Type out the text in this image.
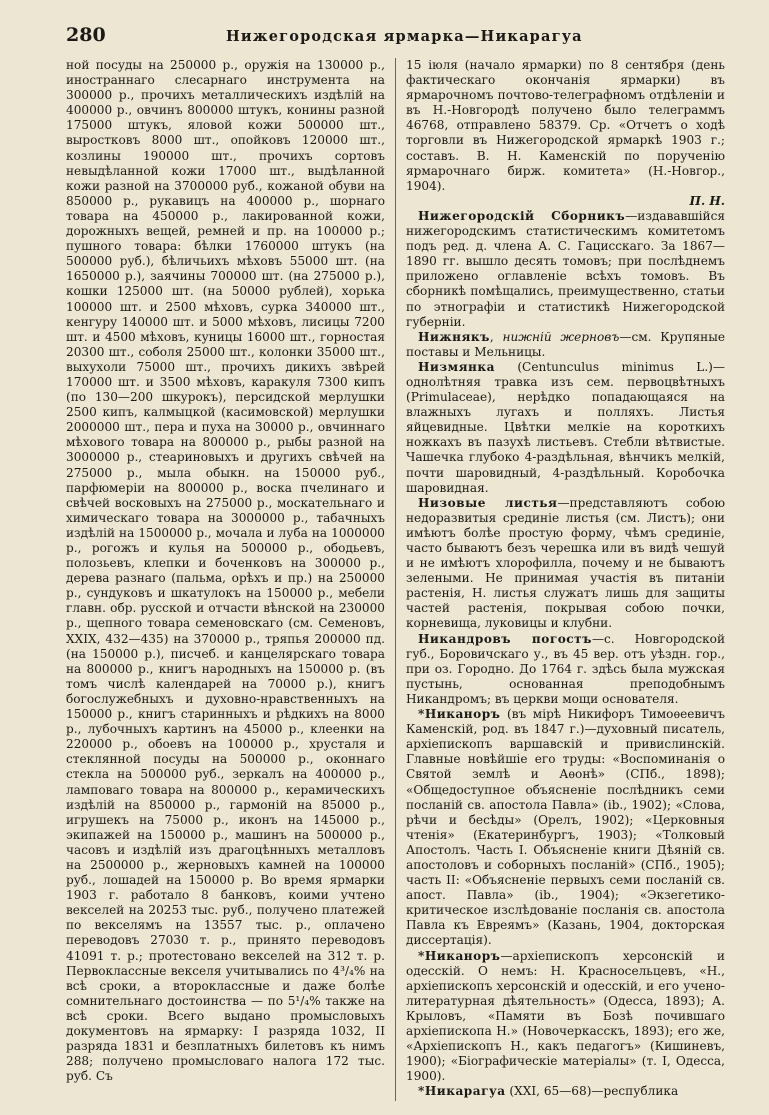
280	Нижегородская ярмарка—Никарагуа

ной посуды на 250000 р., оружія на 130000 р., иностраннаго слесарнаго инструмента на 300000 р., прочихъ металлическихъ издѣлій на 400000 р., овчинъ 800000 штукъ, конины разной 175000 штукъ, яловой кожи 500000 шт., выростковъ 8000 шт., опойковъ 120000 шт., козлины 190000 шт., прочихъ сортовъ невыдѣланной кожи 17000 шт., выдѣланной кожи разной на 3700000 руб., кожаной обуви на 850000 р., рукавицъ на 400000 р., шорнаго товара на 450000 р., лакированной кожи, дорожныхъ вещей, ремней и пр. на 100000 р.; пушного товара: бѣлки 1760000 штукъ (на 500000 руб.), бѣличьихъ мѣховъ 55000 шт. (на 1650000 р.), заячины 700000 шт. (на 275000 р.), кошки 125000 шт. (на 50000 рублей), хорька 100000 шт. и 2500 мѣховъ, сурка 340000 шт., кенгуру 140000 шт. и 5000 мѣховъ, лисицы 7200 шт. и 4500 мѣховъ, куницы 16000 шт., горностая 20300 шт., соболя 25000 шт., колонки 35000 шт., выхухоли 75000 шт., прочихъ дикихъ звѣрей 170000 шт. и 3500 мѣховъ, каракуля 7300 кипъ (по 130—200 шкурокъ), персидской мерлушки 2500 кипъ, калмыцкой (касимовской) мерлушки 2000000 шт., пера и пуха на 30000 р., овчиннаго мѣхового товара на 800000 р., рыбы разной на 3000000 р., стеариновыхъ и другихъ свѣчей на 275000 р., мыла обыкн. на 150000 руб., парфюмеріи на 800000 р., воска пчелинаго и свѣчей восковыхъ на 275000 р., москательнаго и химическаго товара на 3000000 р., табачныхъ издѣлій на 1500000 р., мочала и луба на 1000000 р., рогожъ и кулья на 500000 р., ободьевъ, полозьевъ, клепки и боченковъ на 300000 р., дерева разнаго (пальма, орѣхъ и пр.) на 250000 р., сундуковъ и шкатулокъ на 150000 р., мебели главн. обр. русской и отчасти вѣнской на 230000 р., щепного товара семеновскаго (см. Семеновъ, XXIX, 432—435) на 370000 р., тряпья 200000 пд. (на 150000 р.), писчеб. и канцелярскаго товара на 800000 р., книгъ народныхъ на 150000 р. (въ томъ числѣ календарей на 70000 р.), книгъ богослужебныхъ и духовно-нравственныхъ на 150000 р., книгъ старинныхъ и рѣдкихъ на 8000 р., лубочныхъ картинъ на 45000 р., клеенки на 220000 р., обоевъ на 100000 р., хрусталя и стеклянной посуды на 500000 р., оконнаго стекла на 500000 руб., зеркалъ на 400000 р., ламповаго товара на 800000 р., керамическихъ издѣлій на 850000 р., гармоній на 85000 р., игрушекъ на 75000 р., иконъ на 145000 р., экипажей на 150000 р., машинъ на 500000 р., часовъ и издѣлій изъ драгоцѣнныхъ металловъ на 2500000 р., жерновыхъ камней на 100000 руб., лошадей на 150000 р. Во время ярмарки 1903 г. работало 8 банковъ, коими учтено векселей на 20253 тыс. руб., получено платежей по векселямъ на 13557 тыс. р., оплачено переводовъ 27030 т. р., принято переводовъ 41091 т. р.; протестовано векселей на 312 т. р. Первоклассные векселя учитывались по 4³/₄% на всѣ сроки, а второклассные и даже болѣе сомнительнаго достоинства — по 5¹/₄% также на всѣ сроки. Всего выдано промысловыхъ документовъ на ярмарку: I разряда 1032, II разряда 1831 и безплатныхъ билетовъ къ нимъ 288; получено промысловаго налога 172 тыс. руб. Съ

15 іюля (начало ярмарки) по 8 сентября (день фактическаго окончанія ярмарки) въ ярмарочномъ почтово-телеграфномъ отдѣленіи и въ Н.-Новгородѣ получено было телеграммъ 46768, отправлено 58379. Ср. «Отчетъ о ходѣ торговли въ Нижегородской ярмаркѣ 1903 г.; составъ. В. Н. Каменскій по порученію ярмарочнаго бирж. комитета» (Н.-Новгор., 1904).

П. Н.

Нижегородскій Сборникъ—издававшійся нижегородскимъ статистическимъ комитетомъ подъ ред. д. члена А. С. Гациcскаго. За 1867—1890 гг. вышло десять томовъ; при послѣднемъ приложено оглавленіе всѣхъ томовъ. Въ сборникѣ помѣщались, преимущественно, статьи по этнографіи и статистикѣ Нижегородской губерніи.

Нижнякъ, нижній жерновъ—см. Крупяные поставы и Мельницы.

Низмянка (Centunculus minimus L.)—однолѣтняя травка изъ сем. первоцвѣтныхъ (Primulaceae), нерѣдко попадающаяся на влажныхъ лугахъ и полляхъ. Листья яйцевидные. Цвѣтки мелкіе на короткихъ ножкахъ въ пазухѣ листьевъ. Стебли вѣтвистые. Чашечка глубоко 4-раздѣльная, вѣнчикъ мелкій, почти шаровидный, 4-раздѣльный. Коробочка шаровидная.

Низовые листья—представляютъ собою недоразвитыя срединіе листья (см. Листъ); они имѣютъ болѣе простую форму, чѣмъ срединіе, часто бываютъ безъ черешка или въ видѣ чешуй и не имѣютъ хлорофилла, почему и не бываютъ зелеными. Не принимая участія въ питаніи растенія, Н. листья служатъ лишь для защиты частей растенія, покрывая собою почки, корневища, луковицы и клубни.

Никандровъ погостъ—с. Новгородской губ., Боровичскаго у., въ 45 вер. отъ уѣздн. гор., при оз. Городно. До 1764 г. здѣсь была мужская пустынь, основанная преподобнымъ Никандромъ; въ церкви мощи основателя.

*Никаноръ (въ мірѣ Никифоръ Тимоѳеевичъ Каменскій, род. въ 1847 г.)—духовный писатель, архіепископъ варшавскій и привислинскій. Главные новѣйшіе его труды: «Воспоминанія о Святой землѣ и Аѳонѣ» (СПб., 1898); «Общедоступное объясненіе послѣдникъ семи посланій св. апостола Павла» (ib., 1902); «Слова, рѣчи и бесѣды» (Орелъ, 1902); «Церковныя чтенія» (Екатеринбургъ, 1903); «Толковый Апостолъ. Часть I. Объясненіе книги Дѣяній св. апостоловъ и соборныхъ посланій» (СПб., 1905); часть II: «Объясненіе первыхъ семи посланій св. апост. Павла» (ib., 1904); «Экзегетико-критическое изслѣдованіе посланія св. апостола Павла къ Евреямъ» (Казань, 1904, докторская диссертація).

*Никаноръ—архіепископъ херсонскій и одесскій. О немъ: Н. Красносельцевъ, «Н., архіепископъ херсонскій и одесскій, и его учено-литературная дѣятельность» (Одесса, 1893); А. Крыловъ, «Памяти въ Бозѣ почившаго архіепископа Н.» (Новочеркасскъ, 1893); его же, «Архіепископъ Н., какъ педагогъ» (Кишиневъ, 1900); «Біографическіе матеріалы» (т. I, Одесса, 1900).

*Никарагуа (XXI, 65—68)—республика
